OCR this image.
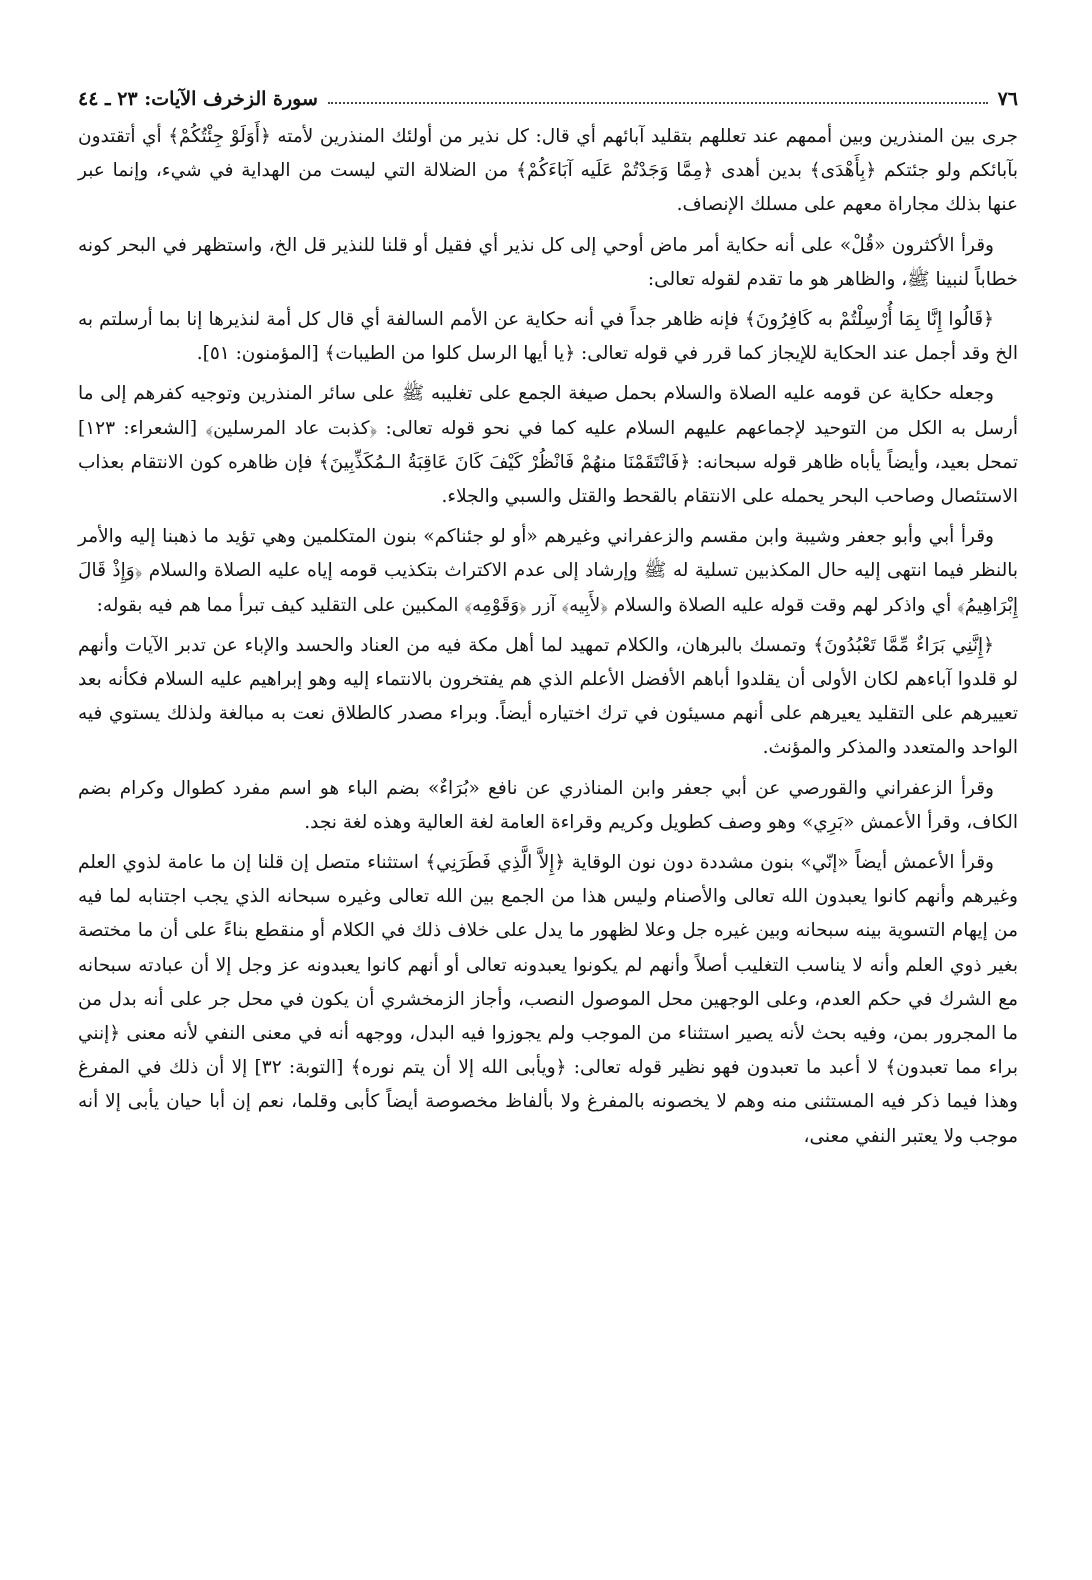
٧٦
سورة الزخرف الآيات: ٢٣ ـ ٤٤

جرى بين المنذرين وبين أممهم عند تعللهم بتقليد آبائهم أي قال: كل نذير من أولئك المنذرين لأمته ﴿أَوَلَوْ جِئْتُكُمْ﴾ أي أتقتدون بآبائكم ولو جئتكم ﴿بِأَهْدَى﴾ بدين أهدى ﴿مِمَّا وَجَدْتُمْ عَلَيه آبَاءَكُمْ﴾ من الضلالة التي ليست من الهداية في شيء، وإنما عبر عنها بذلك مجاراة معهم على مسلك الإنصاف.

وقرأ الأكثرون «قُلْ» على أنه حكاية أمر ماض أوحي إلى كل نذير أي فقيل أو قلنا للنذير قل الخ، واستظهر في البحر كونه خطاباً لنبينا ﷺ، والظاهر هو ما تقدم لقوله تعالى:

﴿قَالُوا إِنَّا بِمَا أُرْسِلْتُمْ به كَافِرُونَ﴾ فإنه ظاهر جداً في أنه حكاية عن الأمم السالفة أي قال كل أمة لنذيرها إنا بما أرسلتم به الخ وقد أجمل عند الحكاية للإيجاز كما قرر في قوله تعالى: ﴿يا أيها الرسل كلوا من الطيبات﴾ [المؤمنون: ٥١].

وجعله حكاية عن قومه عليه الصلاة والسلام بحمل صيغة الجمع على تغليبه ﷺ على سائر المنذرين وتوجيه كفرهم إلى ما أرسل به الكل من التوحيد لإجماعهم عليهم السلام عليه كما في نحو قوله تعالى: ﴿كذبت عاد المرسلين﴾ [الشعراء: ١٢٣] تمحل بعيد، وأيضاً يأباه ظاهر قوله سبحانه: ﴿فَانْتَقَمْنَا منهُمْ فَانْظُرْ كَيْفَ كَانَ عَاقِبَةُ الـمُكَذِّبِينَ﴾ فإن ظاهره كون الانتقام بعذاب الاستئصال وصاحب البحر يحمله على الانتقام بالقحط والقتل والسبي والجلاء.

وقرأ أبي وأبو جعفر وشيبة وابن مقسم والزعفراني وغيرهم «أو لو جئناكم» بنون المتكلمين وهي تؤيد ما ذهبنا إليه والأمر بالنظر فيما انتهى إليه حال المكذبين تسلية له ﷺ وإرشاد إلى عدم الاكتراث بتكذيب قومه إياه عليه الصلاة والسلام ﴿وَإِذْ قَالَ إِبْرَاهِيمُ﴾ أي واذكر لهم وقت قوله عليه الصلاة والسلام ﴿لأَبِيه﴾ آزر ﴿وَقَوْمِه﴾ المكبين على التقليد كيف تبرأ مما هم فيه بقوله:

﴿إِنَّنِي بَرَاءٌ مِّمَّا تَعْبُدُونَ﴾ وتمسك بالبرهان، والكلام تمهيد لما أهل مكة فيه من العناد والحسد والإباء عن تدبر الآيات وأنهم لو قلدوا آباءهم لكان الأولى أن يقلدوا أباهم الأفضل الأعلم الذي هم يفتخرون بالانتماء إليه وهو إبراهيم عليه السلام فكأنه بعد تعييرهم على التقليد يعيرهم على أنهم مسيئون في ترك اختياره أيضاً. وبراء مصدر كالطلاق نعت به مبالغة ولذلك يستوي فيه الواحد والمتعدد والمذكر والمؤنث.

وقرأ الزعفراني والقورصي عن أبي جعفر وابن المناذري عن نافع «بُرَاءٌ» بضم الباء هو اسم مفرد كطوال وكرام بضم الكاف، وقرأ الأعمش «بَرِي» وهو وصف كطويل وكريم وقراءة العامة لغة العالية وهذه لغة نجد.

وقرأ الأعمش أيضاً «إنّي» بنون مشددة دون نون الوقاية ﴿إِلاَّ الَّذِي فَطَرَنِي﴾ استثناء متصل إن قلنا إن ما عامة لذوي العلم وغيرهم وأنهم كانوا يعبدون الله تعالى والأصنام وليس هذا من الجمع بين الله تعالى وغيره سبحانه الذي يجب اجتنابه لما فيه من إيهام التسوية بينه سبحانه وبين غيره جل وعلا لظهور ما يدل على خلاف ذلك في الكلام أو منقطع بناءً على أن ما مختصة بغير ذوي العلم وأنه لا يناسب التغليب أصلاً وأنهم لم يكونوا يعبدونه تعالى أو أنهم كانوا يعبدونه عز وجل إلا أن عبادته سبحانه مع الشرك في حكم العدم، وعلى الوجهين محل الموصول النصب، وأجاز الزمخشري أن يكون في محل جر على أنه بدل من ما المجرور بمن، وفيه بحث لأنه يصير استثناء من الموجب ولم يجوزوا فيه البدل، ووجهه أنه في معنى النفي لأنه معنى ﴿إنني براء مما تعبدون﴾ لا أعبد ما تعبدون فهو نظير قوله تعالى: ﴿ويأبى الله إلا أن يتم نوره﴾ [التوبة: ٣٢] إلا أن ذلك في المفرغ وهذا فيما ذكر فيه المستثنى منه وهم لا يخصونه بالمفرغ ولا بألفاظ مخصوصة أيضاً كأبى وقلما، نعم إن أبا حيان يأبى إلا أنه موجب ولا يعتبر النفي معنى،
